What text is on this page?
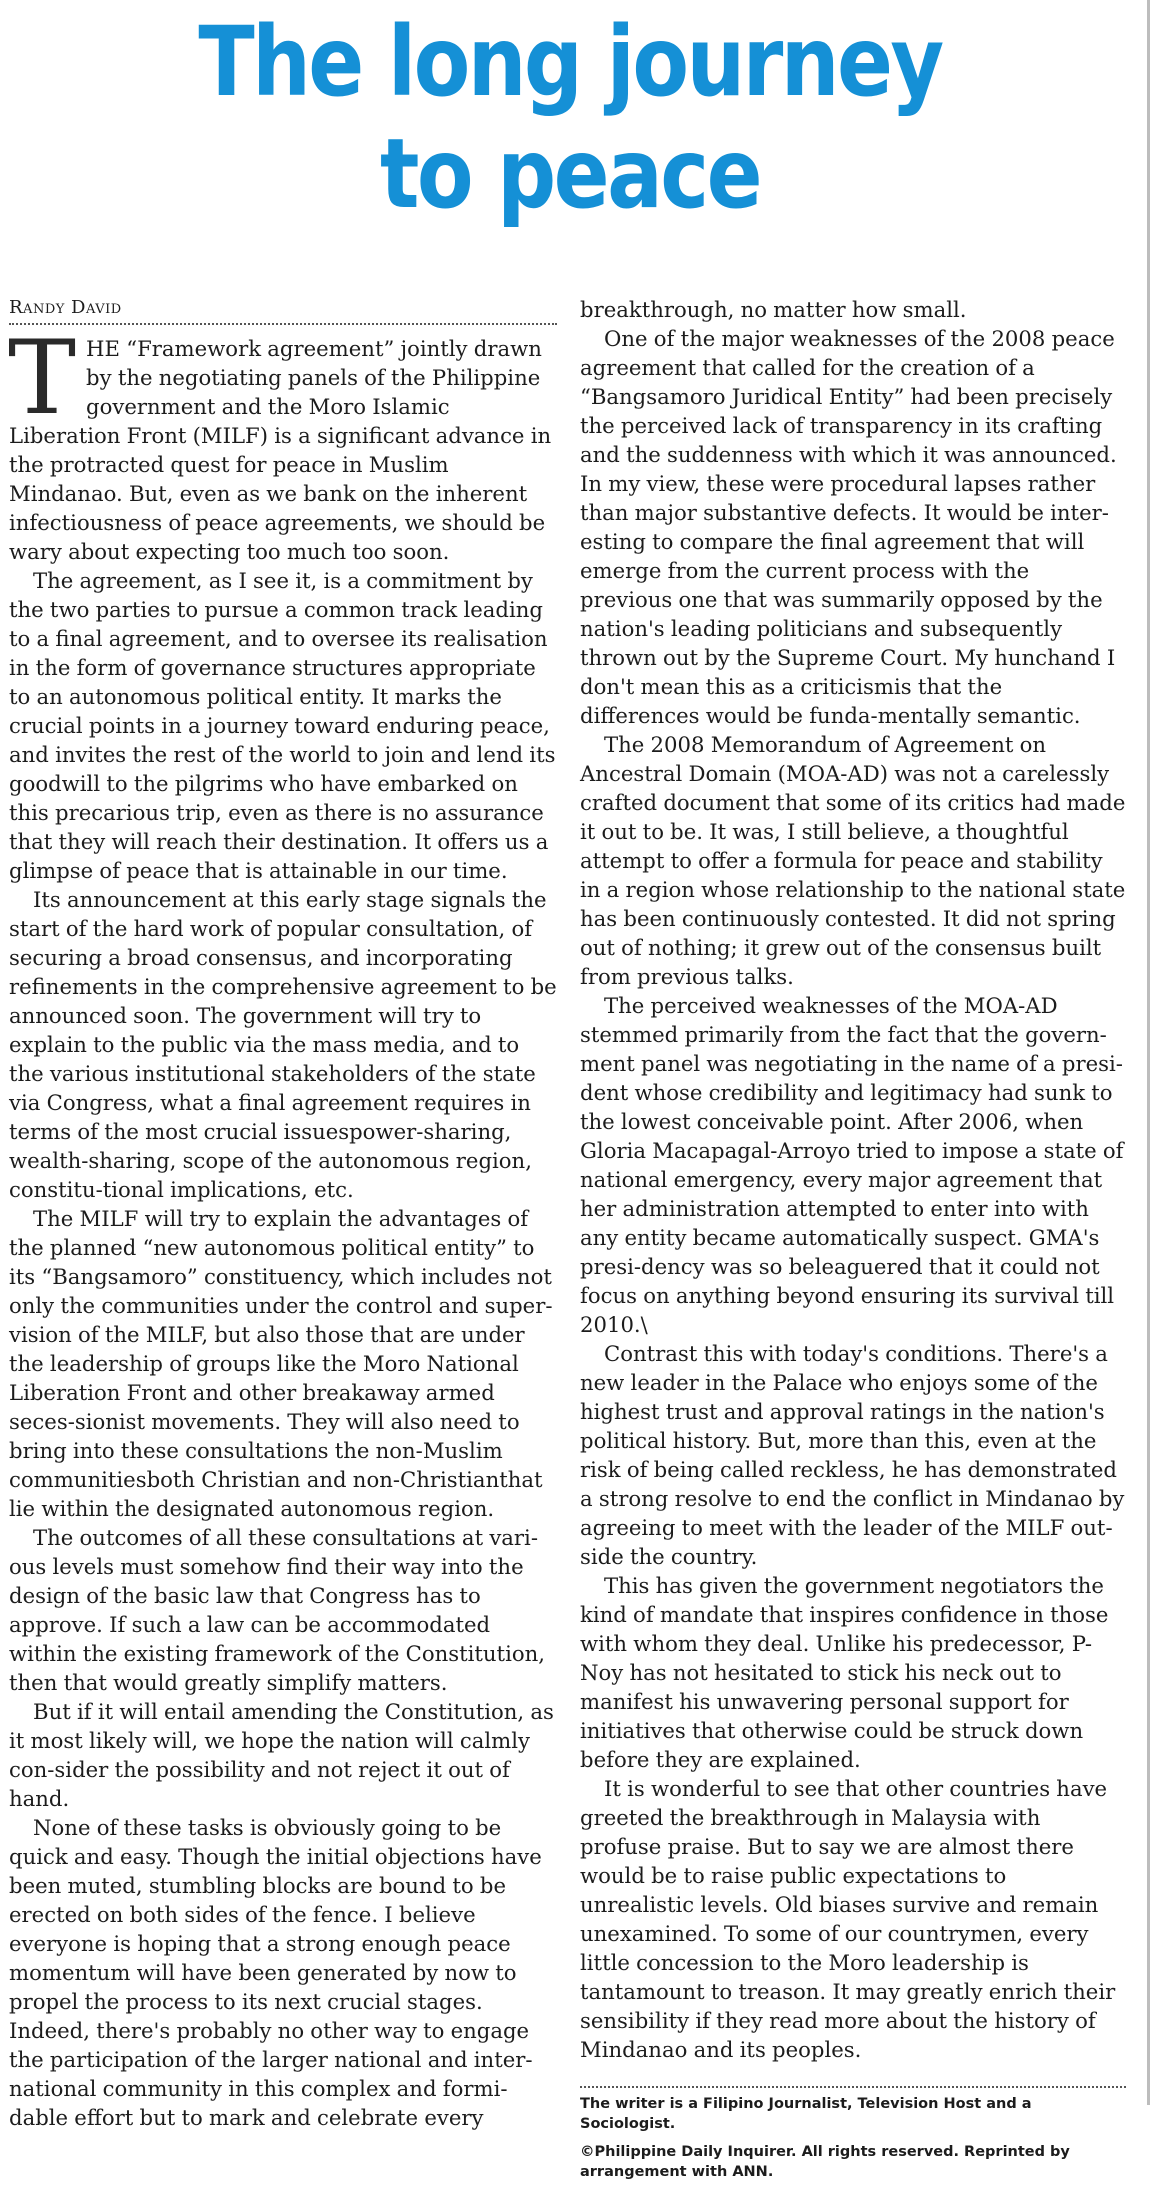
The long journey
to peace
Randy David

THE “Framework agreement” jointly drawn by the negotiating panels of the Philippine government and the Moro Islamic Liberation Front (MILF) is a significant advance in the protracted quest for peace in Muslim Mindanao. But, even as we bank on the inherent infectiousness of peace agreements, we should be wary about expecting too much too soon.

The agreement, as I see it, is a commitment by the two parties to pursue a common track leading to a final agreement, and to oversee its realisation in the form of governance structures appropriate to an autonomous political entity. It marks the crucial points in a journey toward enduring peace, and invites the rest of the world to join and lend its goodwill to the pilgrims who have embarked on this precarious trip, even as there is no assurance that they will reach their destination. It offers us a glimpse of peace that is attainable in our time.

Its announcement at this early stage signals the start of the hard work of popular consultation, of securing a broad consensus, and incorporating refinements in the comprehensive agreement to be announced soon. The government will try to explain to the public via the mass media, and to the various institutional stakeholders of the state via Congress, what a final agreement requires in terms of the most crucial issuespower-sharing, wealth-sharing, scope of the autonomous region, constitu-tional implications, etc.

The MILF will try to explain the advantages of the planned “new autonomous political entity” to its “Bangsamoro” constituency, which includes not only the communities under the control and super-vision of the MILF, but also those that are under the leadership of groups like the Moro National Liberation Front and other breakaway armed seces-sionist movements. They will also need to bring into these consultations the non-Muslim communitiesboth Christian and non-Christianthat lie within the designated autonomous region.

The outcomes of all these consultations at vari-ous levels must somehow find their way into the design of the basic law that Congress has to approve. If such a law can be accommodated within the existing framework of the Constitution, then that would greatly simplify matters.

But if it will entail amending the Constitution, as it most likely will, we hope the nation will calmly con-sider the possibility and not reject it out of hand.

None of these tasks is obviously going to be quick and easy. Though the initial objections have been muted, stumbling blocks are bound to be erected on both sides of the fence. I believe everyone is hoping that a strong enough peace momentum will have been generated by now to propel the process to its next crucial stages. Indeed, there's probably no other way to engage the participation of the larger national and inter-national community in this complex and formi-dable effort but to mark and celebrate every

breakthrough, no matter how small.

One of the major weaknesses of the 2008 peace agreement that called for the creation of a “Bangsamoro Juridical Entity” had been precisely the perceived lack of transparency in its crafting and the suddenness with which it was announced. In my view, these were procedural lapses rather than major substantive defects. It would be inter-esting to compare the final agreement that will emerge from the current process with the previous one that was summarily opposed by the nation's leading politicians and subsequently thrown out by the Supreme Court. My hunchand I don't mean this as a criticismis that the differences would be funda-mentally semantic.

The 2008 Memorandum of Agreement on Ancestral Domain (MOA-AD) was not a carelessly crafted document that some of its critics had made it out to be. It was, I still believe, a thoughtful attempt to offer a formula for peace and stability in a region whose relationship to the national state has been continuously contested. It did not spring out of nothing; it grew out of the consensus built from previous talks.

The perceived weaknesses of the MOA-AD stemmed primarily from the fact that the govern-ment panel was negotiating in the name of a presi-dent whose credibility and legitimacy had sunk to the lowest conceivable point. After 2006, when Gloria Macapagal-Arroyo tried to impose a state of national emergency, every major agreement that her administration attempted to enter into with any entity became automatically suspect. GMA's presi-dency was so beleaguered that it could not focus on anything beyond ensuring its survival till 2010.\

Contrast this with today's conditions. There's a new leader in the Palace who enjoys some of the highest trust and approval ratings in the nation's political history. But, more than this, even at the risk of being called reckless, he has demonstrated a strong resolve to end the conflict in Mindanao by agreeing to meet with the leader of the MILF out-side the country.

This has given the government negotiators the kind of mandate that inspires confidence in those with whom they deal. Unlike his predecessor, P-Noy has not hesitated to stick his neck out to manifest his unwavering personal support for initiatives that otherwise could be struck down before they are explained.

It is wonderful to see that other countries have greeted the breakthrough in Malaysia with profuse praise. But to say we are almost there would be to raise public expectations to unrealistic levels. Old biases survive and remain unexamined. To some of our countrymen, every little concession to the Moro leadership is tantamount to treason. It may greatly enrich their sensibility if they read more about the history of Mindanao and its peoples.

The writer is a Filipino Journalist, Television Host and a Sociologist.

©Philippine Daily Inquirer. All rights reserved. Reprinted by arrangement with ANN.
